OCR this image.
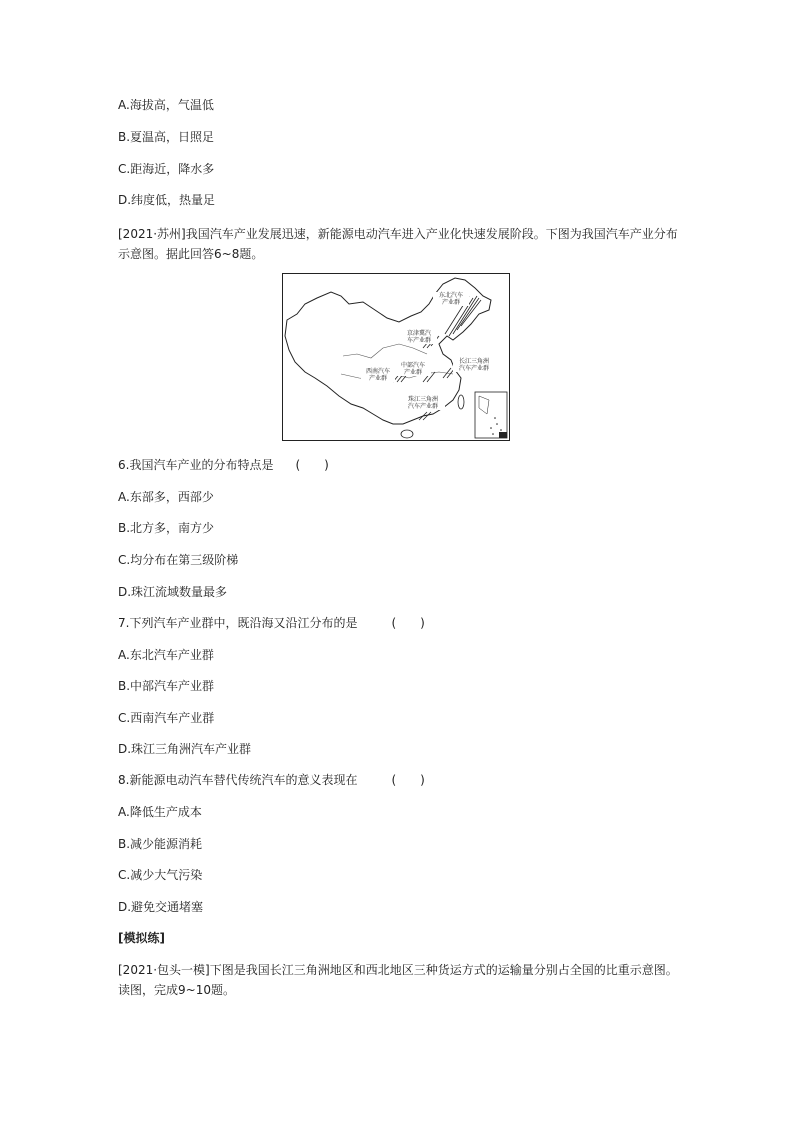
A.海拔高，气温低
B.夏温高，日照足
C.距海近，降水多
D.纬度低，热量足
[2021·苏州]我国汽车产业发展迅速，新能源电动汽车进入产业化快速发展阶段。下图为我国汽车产业分布示意图。据此回答6~8题。
东北汽车
产业群
京津冀汽
车产业群
中部汽车
产业群
西南汽车
产业群
长江三角洲
汽车产业群
珠江三角洲
汽车产业群
6.我国汽车产业的分布特点是 (　　)
A.东部多，西部少
B.北方多，南方少
C.均分布在第三级阶梯
D.珠江流域数量最多
7.下列汽车产业群中，既沿海又沿江分布的是	(　　)
A.东北汽车产业群
B.中部汽车产业群
C.西南汽车产业群
D.珠江三角洲汽车产业群
8.新能源电动汽车替代传统汽车的意义表现在	(　　)
A.降低生产成本
B.减少能源消耗
C.减少大气污染
D.避免交通堵塞
[模拟练]
[2021·包头一模]下图是我国长江三角洲地区和西北地区三种货运方式的运输量分别占全国的比重示意图。读图，完成9~10题。
